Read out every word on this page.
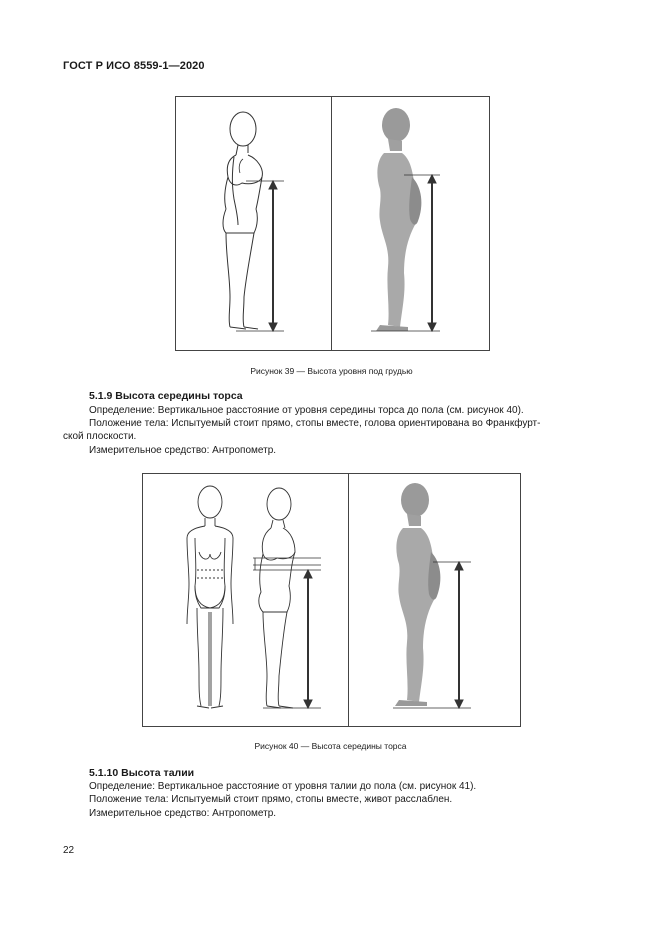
ГОСТ Р ИСО 8559-1—2020
Рисунок 39 — Высота уровня под грудью
5.1.9 Высота середины торса
Определение: Вертикальное расстояние от уровня середины торса до пола (см. рисунок 40).
Положение тела: Испытуемый стоит прямо, стопы вместе, голова ориентирована во Франкфурт-
ской плоскости.
Измерительное средство: Антропометр.
Рисунок 40 — Высота середины торса
5.1.10 Высота талии
Определение: Вертикальное расстояние от уровня талии до пола (см. рисунок 41).
Положение тела: Испытуемый стоит прямо, стопы вместе, живот расслаблен.
Измерительное средство: Антропометр.
22
